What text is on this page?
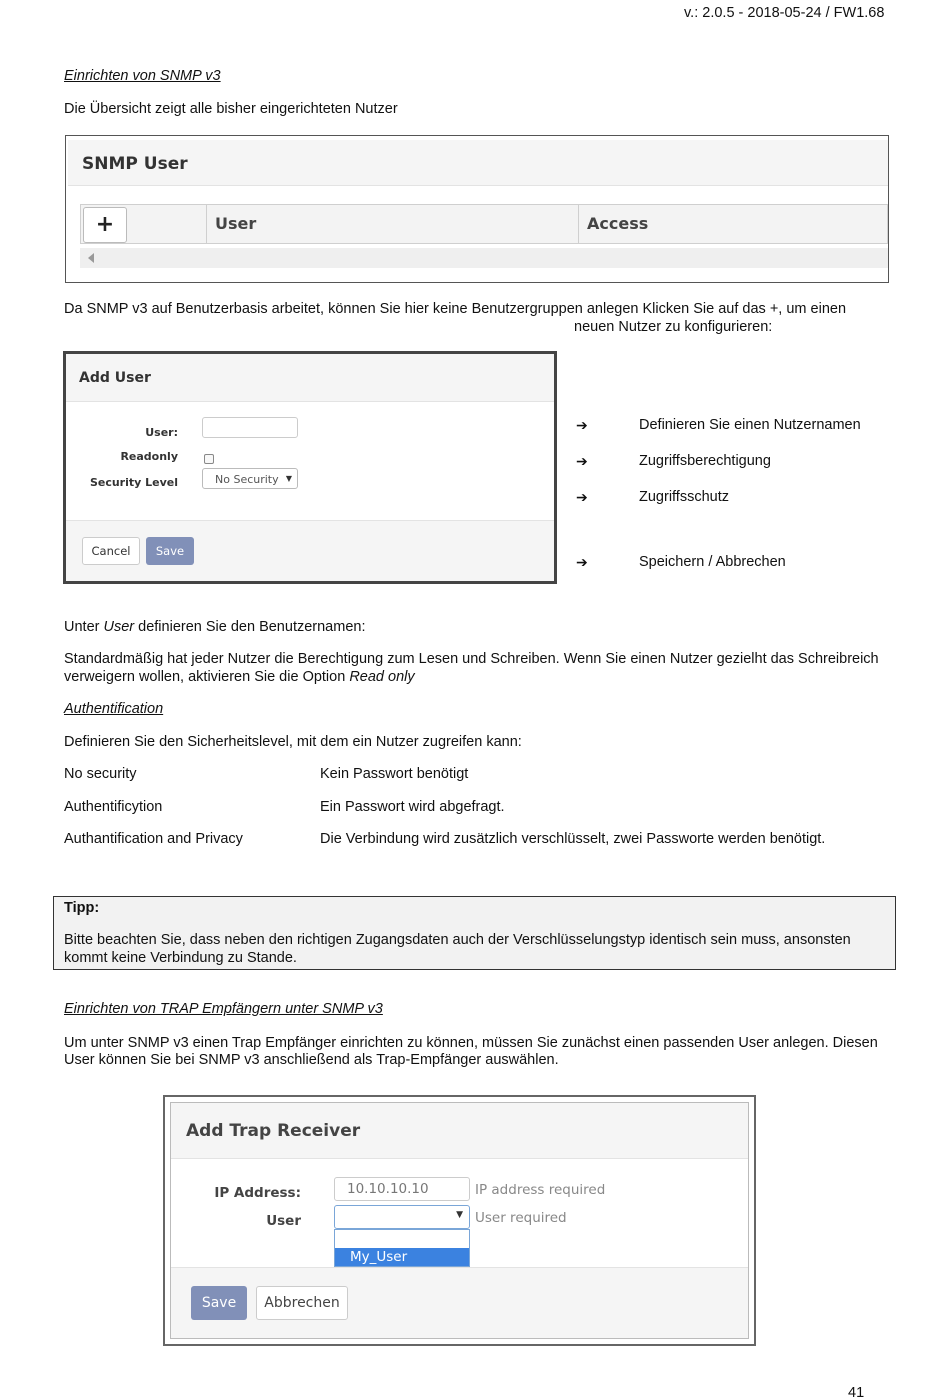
v.: 2.0.5 - 2018-05-24 / FW1.68
Einrichten von SNMP v3
Die Übersicht zeigt alle bisher eingerichteten Nutzer
SNMP User
+	User	Access
Da SNMP v3 auf Benutzerbasis arbeitet, können Sie hier keine Benutzergruppen anlegen Klicken Sie auf das +, um einen
neuen Nutzer zu konfigurieren:
Add User
User:
Readonly
Security Level	No Security ▼
Cancel	Save
➔	Definieren Sie einen Nutzernamen
➔	Zugriffsberechtigung
➔	Zugriffsschutz
➔	Speichern / Abbrechen
Unter User definieren Sie den Benutzernamen:
Standardmäßig hat jeder Nutzer die Berechtigung zum Lesen und Schreiben. Wenn Sie einen Nutzer gezielht das Schreibreich
verweigern wollen, aktivieren Sie die Option Read only
Authentification
Definieren Sie den Sicherheitslevel, mit dem ein Nutzer zugreifen kann:
No security	Kein Passwort benötigt
Authentificytion	Ein Passwort wird abgefragt.
Authantification and Privacy	Die Verbindung wird zusätzlich verschlüsselt, zwei Passworte werden benötigt.
Tipp:
Bitte beachten Sie, dass neben den richtigen Zugangsdaten auch der Verschlüsselungstyp identisch sein muss, ansonsten
kommt keine Verbindung zu Stande.
Einrichten von TRAP Empfängern unter SNMP v3
Um unter SNMP v3 einen Trap Empfänger einrichten zu können, müssen Sie zunächst einen passenden User anlegen. Diesen
User können Sie bei SNMP v3 anschließend als Trap-Empfänger auswählen.
Add Trap Receiver
IP Address:	10.10.10.10	IP address required
User	▼ User required
My_User
Save	Abbrechen
41
